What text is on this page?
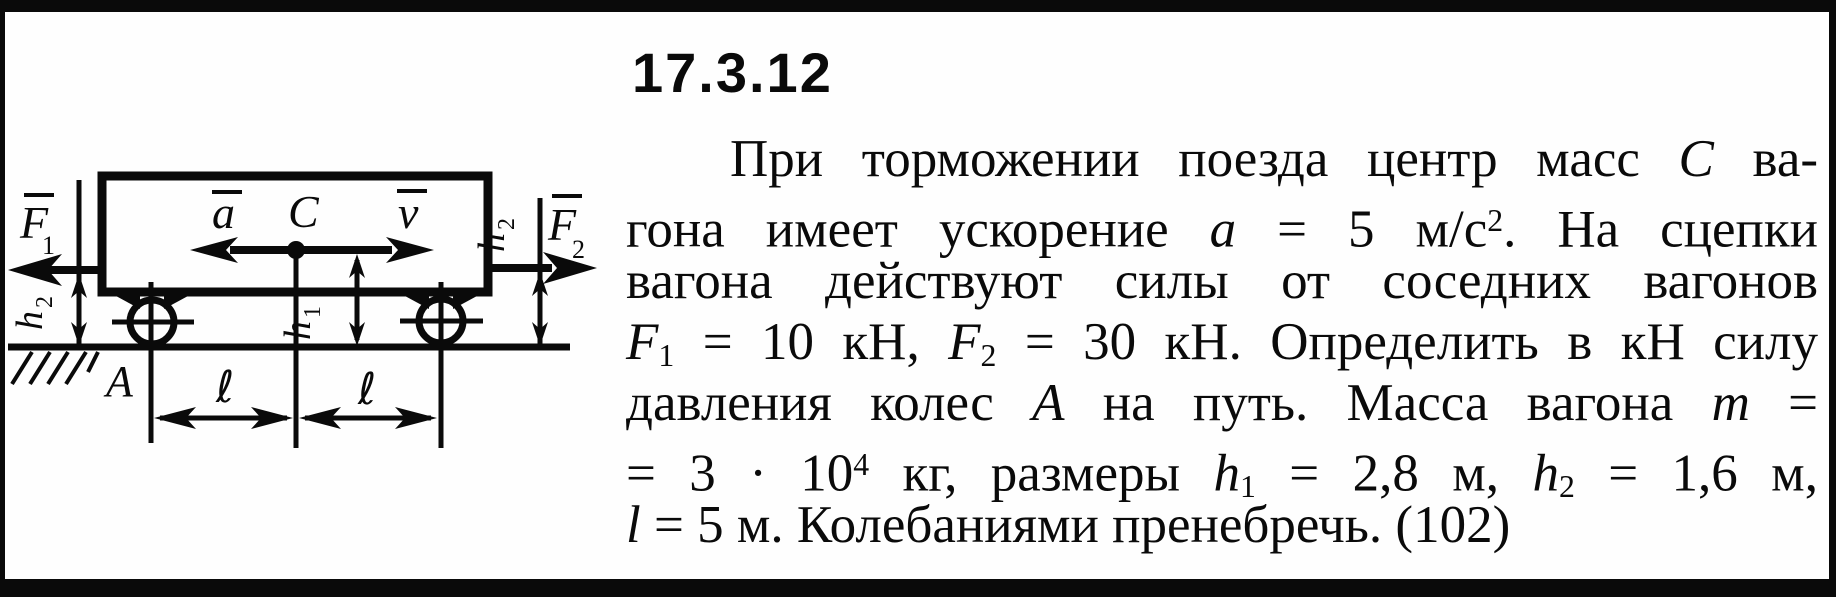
17.3.12
При торможении поезда центр масс С ва-
гона имеет ускорение a = 5 $м/с^2$. На сцепки
вагона действуют силы от соседних вагонов
F1 = 10 кН, F2 = 30 кН. Определить в кН силу
давления колес А на путь. Масса вагона m =
= $3 \cdot 10^4$ кг, размеры h1 = 2,8 м, h2 = 1,6 м,
l = 5 м. Колебаниями пренебречь. (102)
F
1
h
2
a C v
h
1
F
2
h
2
A ℓ	ℓ
